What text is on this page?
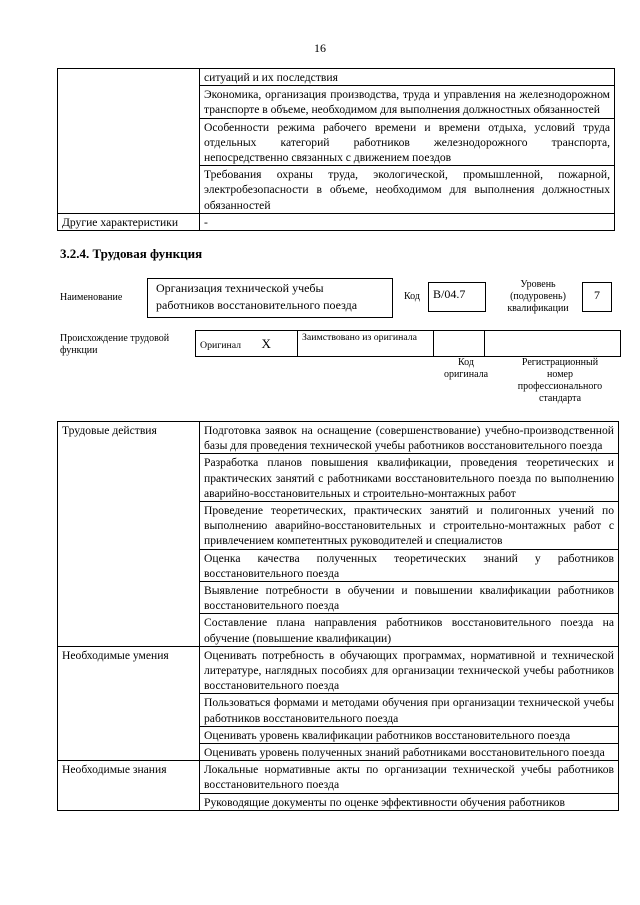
16
	ситуаций и их последствия
	Экономика, организация производства, труда и управления на железнодорожном транспорте в объеме, необходимом для выполнения должностных обязанностей
	Особенности режима рабочего времени и времени отдыха, условий труда отдельных категорий работников железнодорожного транспорта, непосредственно связанных с движением поездов
	Требования охраны труда, экологической, промышленной, пожарной, электробезопасности в объеме, необходимом для выполнения должностных обязанностей
Другие характеристики	-
3.2.4. Трудовая функция
Наименование
Организация технической учебы работников восстановительного поезда
Код	B/04.7
Уровень (подуровень) квалификации
7
Происхождение трудовой функции	Оригинал X	Заимствовано из оригинала		
Код оригинала
Регистрационный номер профессионального стандарта
Трудовые действия	Подготовка заявок на оснащение (совершенствование) учебно-производственной базы для проведения технической учебы работников восстановительного поезда
	Разработка планов повышения квалификации, проведения теоретических и практических занятий с работниками восстановительного поезда по выполнению аварийно-восстановительных и строительно-монтажных работ
	Проведение теоретических, практических занятий и полигонных учений по выполнению аварийно-восстановительных и строительно-монтажных работ с привлечением компетентных руководителей и специалистов
	Оценка качества полученных теоретических знаний у работников восстановительного поезда
	Выявление потребности в обучении и повышении квалификации работников восстановительного поезда
	Составление плана направления работников восстановительного поезда на обучение (повышение квалификации)
Необходимые умения	Оценивать потребность в обучающих программах, нормативной и технической литературе, наглядных пособиях для организации технической учебы работников восстановительного поезда
	Пользоваться формами и методами обучения при организации технической учебы работников восстановительного поезда
	Оценивать уровень квалификации работников восстановительного поезда
	Оценивать уровень полученных знаний работниками восстановительного поезда
Необходимые знания	Локальные нормативные акты по организации технической учебы работников восстановительного поезда
	Руководящие документы по оценке эффективности обучения работников
